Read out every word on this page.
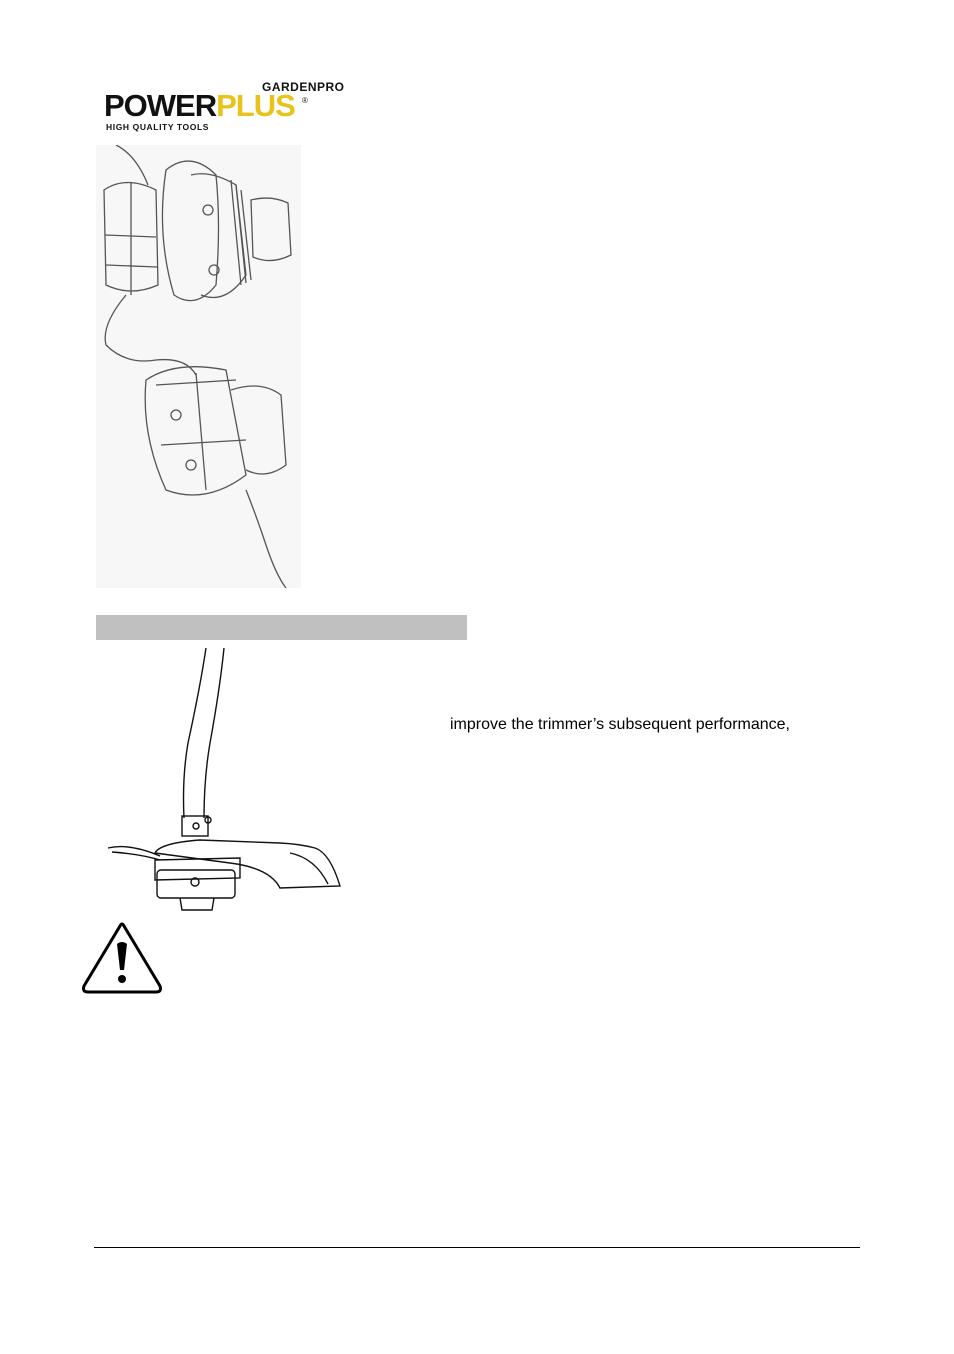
GARDENPRO
POWERPLUS ®
HIGH QUALITY TOOLS
improve the trimmer’s subsequent performance,
